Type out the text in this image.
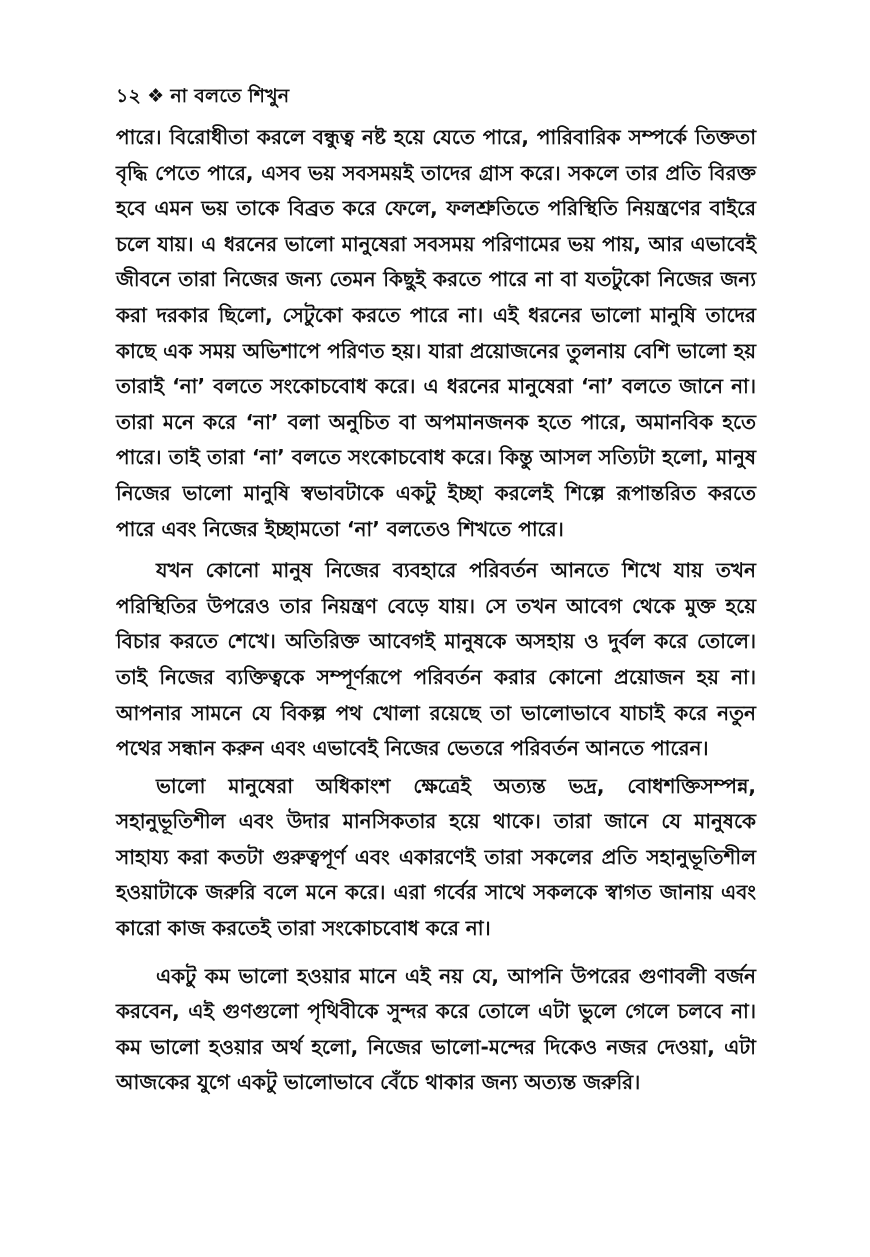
১২ ❖ না বলতে শিখুন

পারে। বিরোধীতা করলে বন্ধুত্ব নষ্ট হয়ে যেতে পারে, পারিবারিক সম্পর্কে তিক্ততা বৃদ্ধি পেতে পারে, এসব ভয় সবসময়ই তাদের গ্রাস করে। সকলে তার প্রতি বিরক্ত হবে এমন ভয় তাকে বিব্রত করে ফেলে, ফলশ্রুতিতে পরিস্থিতি নিয়ন্ত্রণের বাইরে চলে যায়। এ ধরনের ভালো মানুষেরা সবসময় পরিণামের ভয় পায়, আর এভাবেই জীবনে তারা নিজের জন্য তেমন কিছুই করতে পারে না বা যতটুকো নিজের জন্য করা দরকার ছিলো, সেটুকো করতে পারে না। এই ধরনের ভালো মানুষি তাদের কাছে এক সময় অভিশাপে পরিণত হয়। যারা প্রয়োজনের তুলনায় বেশি ভালো হয় তারাই ‘না’ বলতে সংকোচবোধ করে। এ ধরনের মানুষেরা ‘না’ বলতে জানে না। তারা মনে করে ‘না’ বলা অনুচিত বা অপমানজনক হতে পারে, অমানবিক হতে পারে। তাই তারা ‘না’ বলতে সংকোচবোধ করে। কিন্তু আসল সত্যিটা হলো, মানুষ নিজের ভালো মানুষি স্বভাবটাকে একটু ইচ্ছা করলেই শিল্পে রূপান্তরিত করতে পারে এবং নিজের ইচ্ছামতো ‘না’ বলতেও শিখতে পারে।

যখন কোনো মানুষ নিজের ব্যবহারে পরিবর্তন আনতে শিখে যায় তখন পরিস্থিতির উপরেও তার নিয়ন্ত্রণ বেড়ে যায়। সে তখন আবেগ থেকে মুক্ত হয়ে বিচার করতে শেখে। অতিরিক্ত আবেগই মানুষকে অসহায় ও দুর্বল করে তোলে। তাই নিজের ব্যক্তিত্বকে সম্পূর্ণরূপে পরিবর্তন করার কোনো প্রয়োজন হয় না। আপনার সামনে যে বিকল্প পথ খোলা রয়েছে তা ভালোভাবে যাচাই করে নতুন পথের সন্ধান করুন এবং এভাবেই নিজের ভেতরে পরিবর্তন আনতে পারেন।

ভালো মানুষেরা অধিকাংশ ক্ষেত্রেই অত্যন্ত ভদ্র, বোধশক্তিসম্পন্ন, সহানুভূতিশীল এবং উদার মানসিকতার হয়ে থাকে। তারা জানে যে মানুষকে সাহায্য করা কতটা গুরুত্বপূর্ণ এবং একারণেই তারা সকলের প্রতি সহানুভূতিশীল হওয়াটাকে জরুরি বলে মনে করে। এরা গর্বের সাথে সকলকে স্বাগত জানায় এবং কারো কাজ করতেই তারা সংকোচবোধ করে না।

একটু কম ভালো হওয়ার মানে এই নয় যে, আপনি উপরের গুণাবলী বর্জন করবেন, এই গুণগুলো পৃথিবীকে সুন্দর করে তোলে এটা ভুলে গেলে চলবে না। কম ভালো হওয়ার অর্থ হলো, নিজের ভালো-মন্দের দিকেও নজর দেওয়া, এটা আজকের যুগে একটু ভালোভাবে বেঁচে থাকার জন্য অত্যন্ত জরুরি।
